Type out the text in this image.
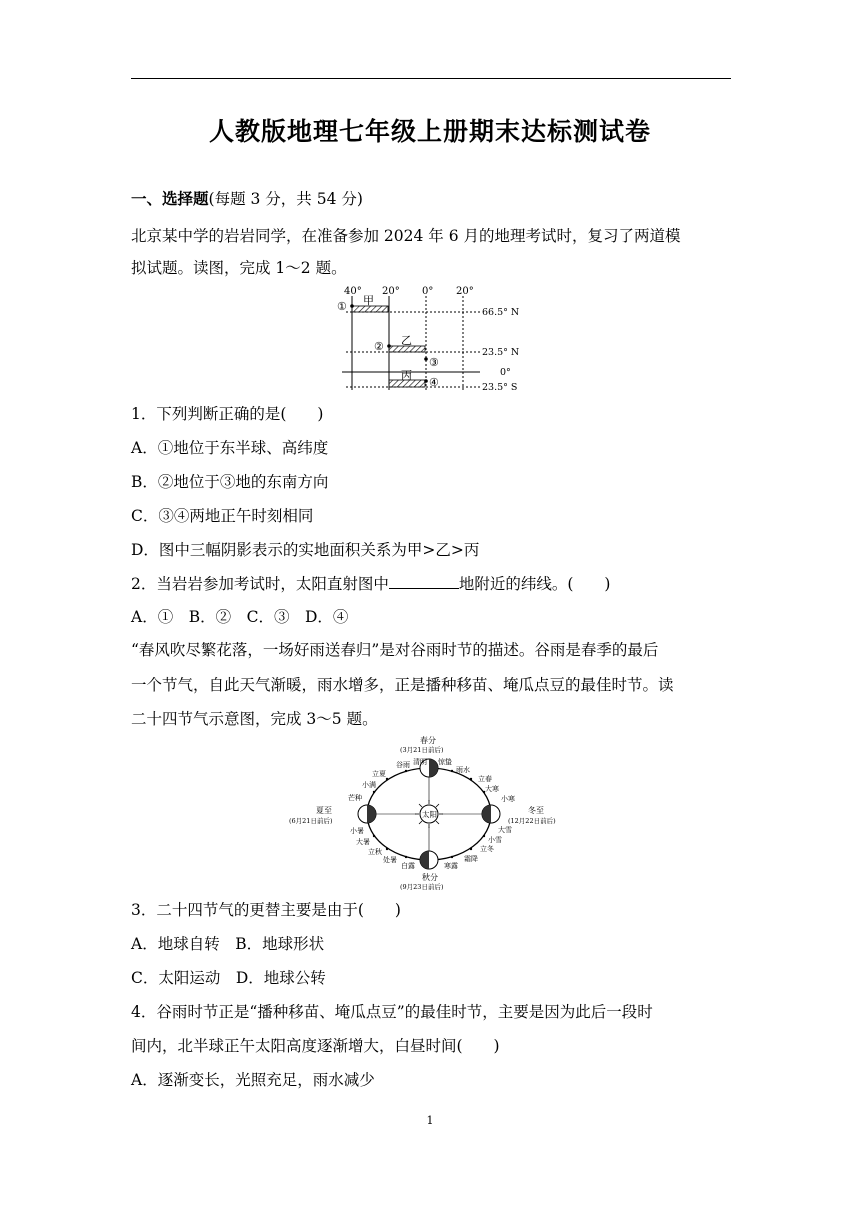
人教版地理七年级上册期末达标测试卷
一、选择题(每题 3 分，共 54 分)
北京某中学的岩岩同学，在准备参加 2024 年 6 月的地理考试时，复习了两道模
拟试题。读图，完成 1～2 题。
40° 20° 0° 20°
66.5° N
23.5° N
0°
23.5° S
①
②
③
④
甲
乙
丙
1．下列判断正确的是(　　)
A．①地位于东半球、高纬度
B．②地位于③地的东南方向
C．③④两地正午时刻相同
D．图中三幅阴影表示的实地面积关系为甲>乙>丙
2．当岩岩参加考试时，太阳直射图中	地附近的纬线。(　　)
A．①　B．②　C．③　D．④
“春风吹尽繁花落，一场好雨送春归”是对谷雨时节的描述。谷雨是春季的最后
一个节气，自此天气渐暖，雨水增多，正是播种移苗、埯瓜点豆的最佳时节。读
二十四节气示意图，完成 3～5 题。
太阳
春分
(3月21日前后)
夏至
(6月21日前后)
秋分
(9月23日前后)
冬至
(12月22日前后)
谷雨 清明 惊蛰
雨水
立春
大寒
小寒
立夏
小满
芒种
小暑
大暑
立秋
处暑
白露	寒露
霜降
立冬
小雪
大雪
3．二十四节气的更替主要是由于(　　)
A．地球自转　B．地球形状
C．太阳运动　D．地球公转
4．谷雨时节正是“播种移苗、埯瓜点豆”的最佳时节，主要是因为此后一段时
间内，北半球正午太阳高度逐渐增大，白昼时间(　　)
A．逐渐变长，光照充足，雨水减少
1
